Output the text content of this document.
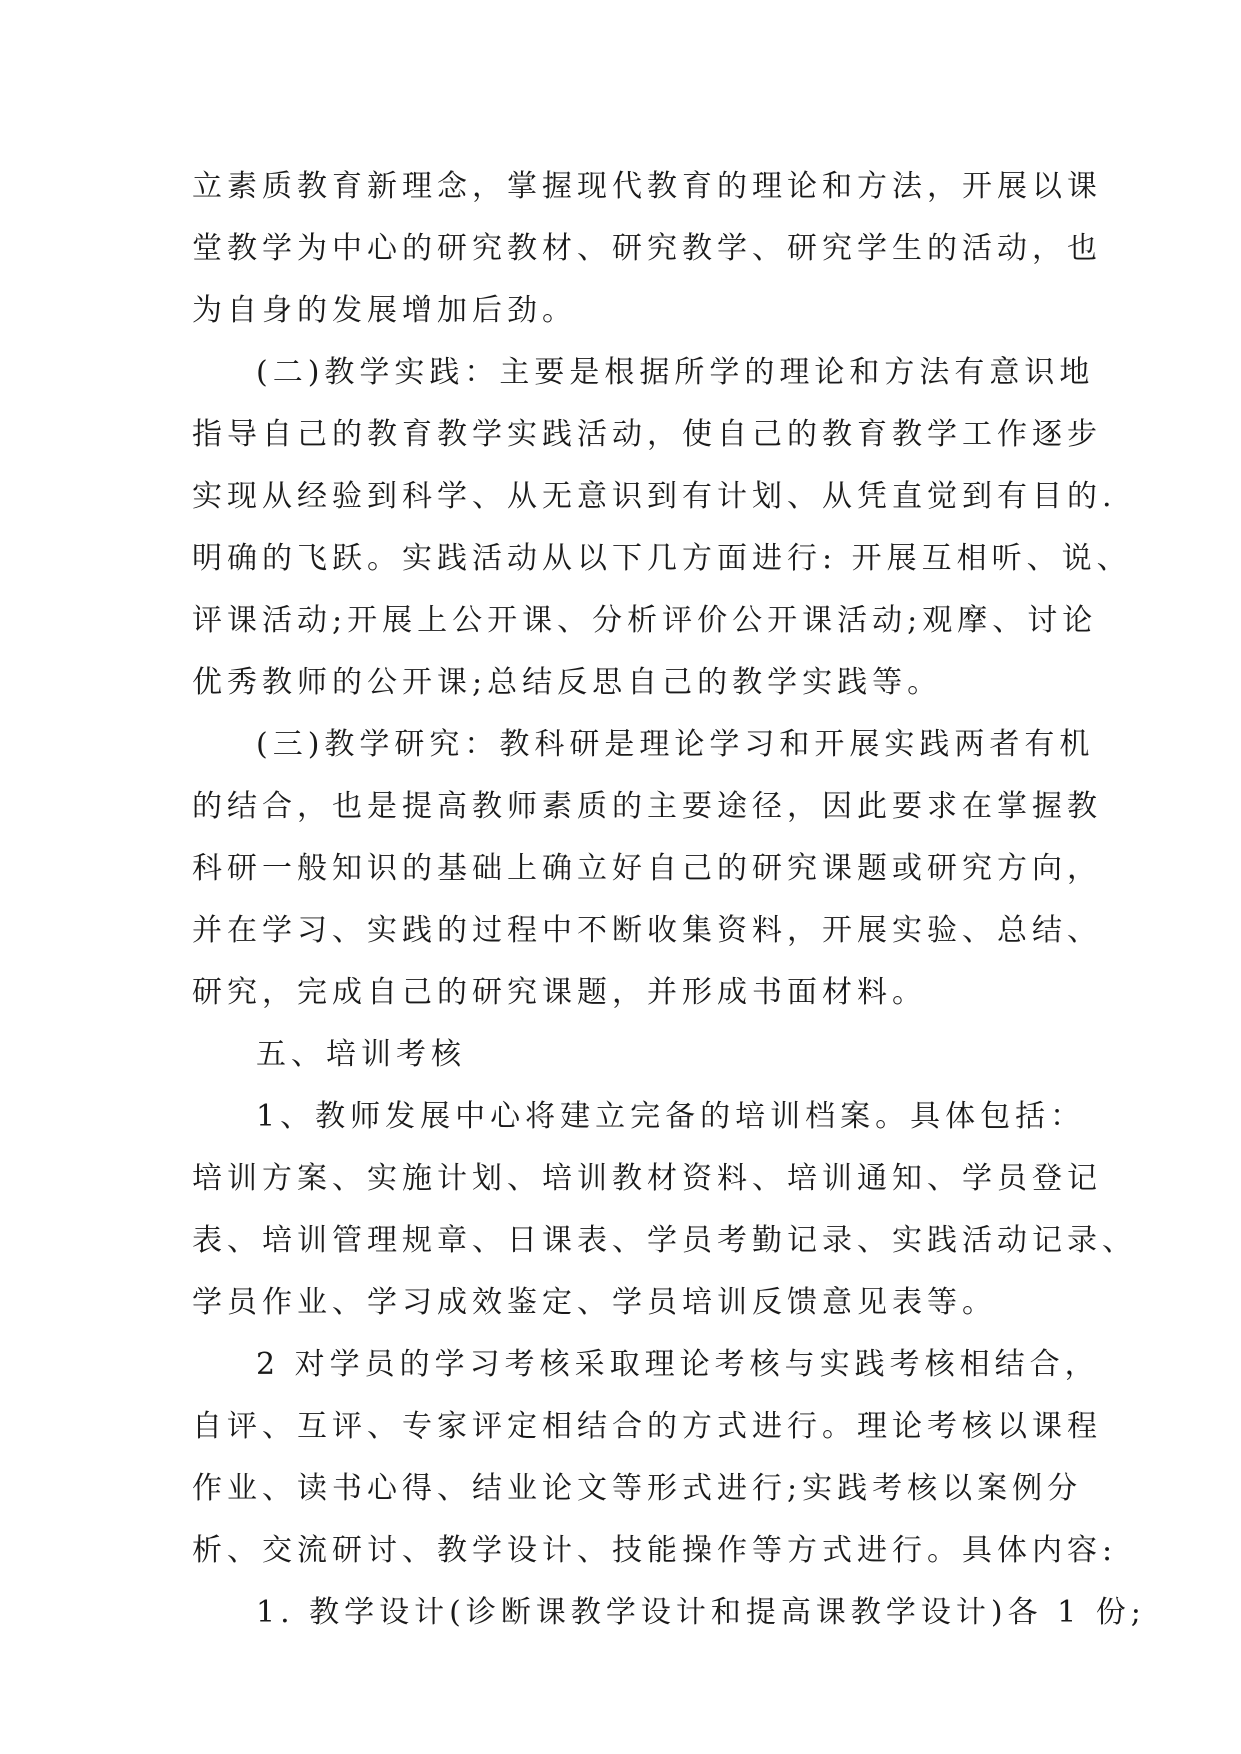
立素质教育新理念，掌握现代教育的理论和方法，开展以课
堂教学为中心的研究教材、研究教学、研究学生的活动，也
为自身的发展增加后劲。
(二)教学实践：主要是根据所学的理论和方法有意识地
指导自己的教育教学实践活动，使自己的教育教学工作逐步
实现从经验到科学、从无意识到有计划、从凭直觉到有目的.
明确的飞跃。实践活动从以下几方面进行: 开展互相听、说、
评课活动;开展上公开课、分析评价公开课活动;观摩、讨论
优秀教师的公开课;总结反思自己的教学实践等。
(三)教学研究：教科研是理论学习和开展实践两者有机
的结合，也是提高教师素质的主要途径，因此要求在掌握教
科研一般知识的基础上确立好自己的研究课题或研究方向，
并在学习、实践的过程中不断收集资料，开展实验、总结、
研究，完成自己的研究课题，并形成书面材料。
五、培训考核
1、教师发展中心将建立完备的培训档案。具体包括：
培训方案、实施计划、培训教材资料、培训通知、学员登记
表、培训管理规章、日课表、学员考勤记录、实践活动记录、
学员作业、学习成效鉴定、学员培训反馈意见表等。
2 对学员的学习考核采取理论考核与实践考核相结合，
自评、互评、专家评定相结合的方式进行。理论考核以课程
作业、读书心得、结业论文等形式进行;实践考核以案例分
析、交流研讨、教学设计、技能操作等方式进行。具体内容:
1. 教学设计(诊断课教学设计和提高课教学设计)各 1 份;
